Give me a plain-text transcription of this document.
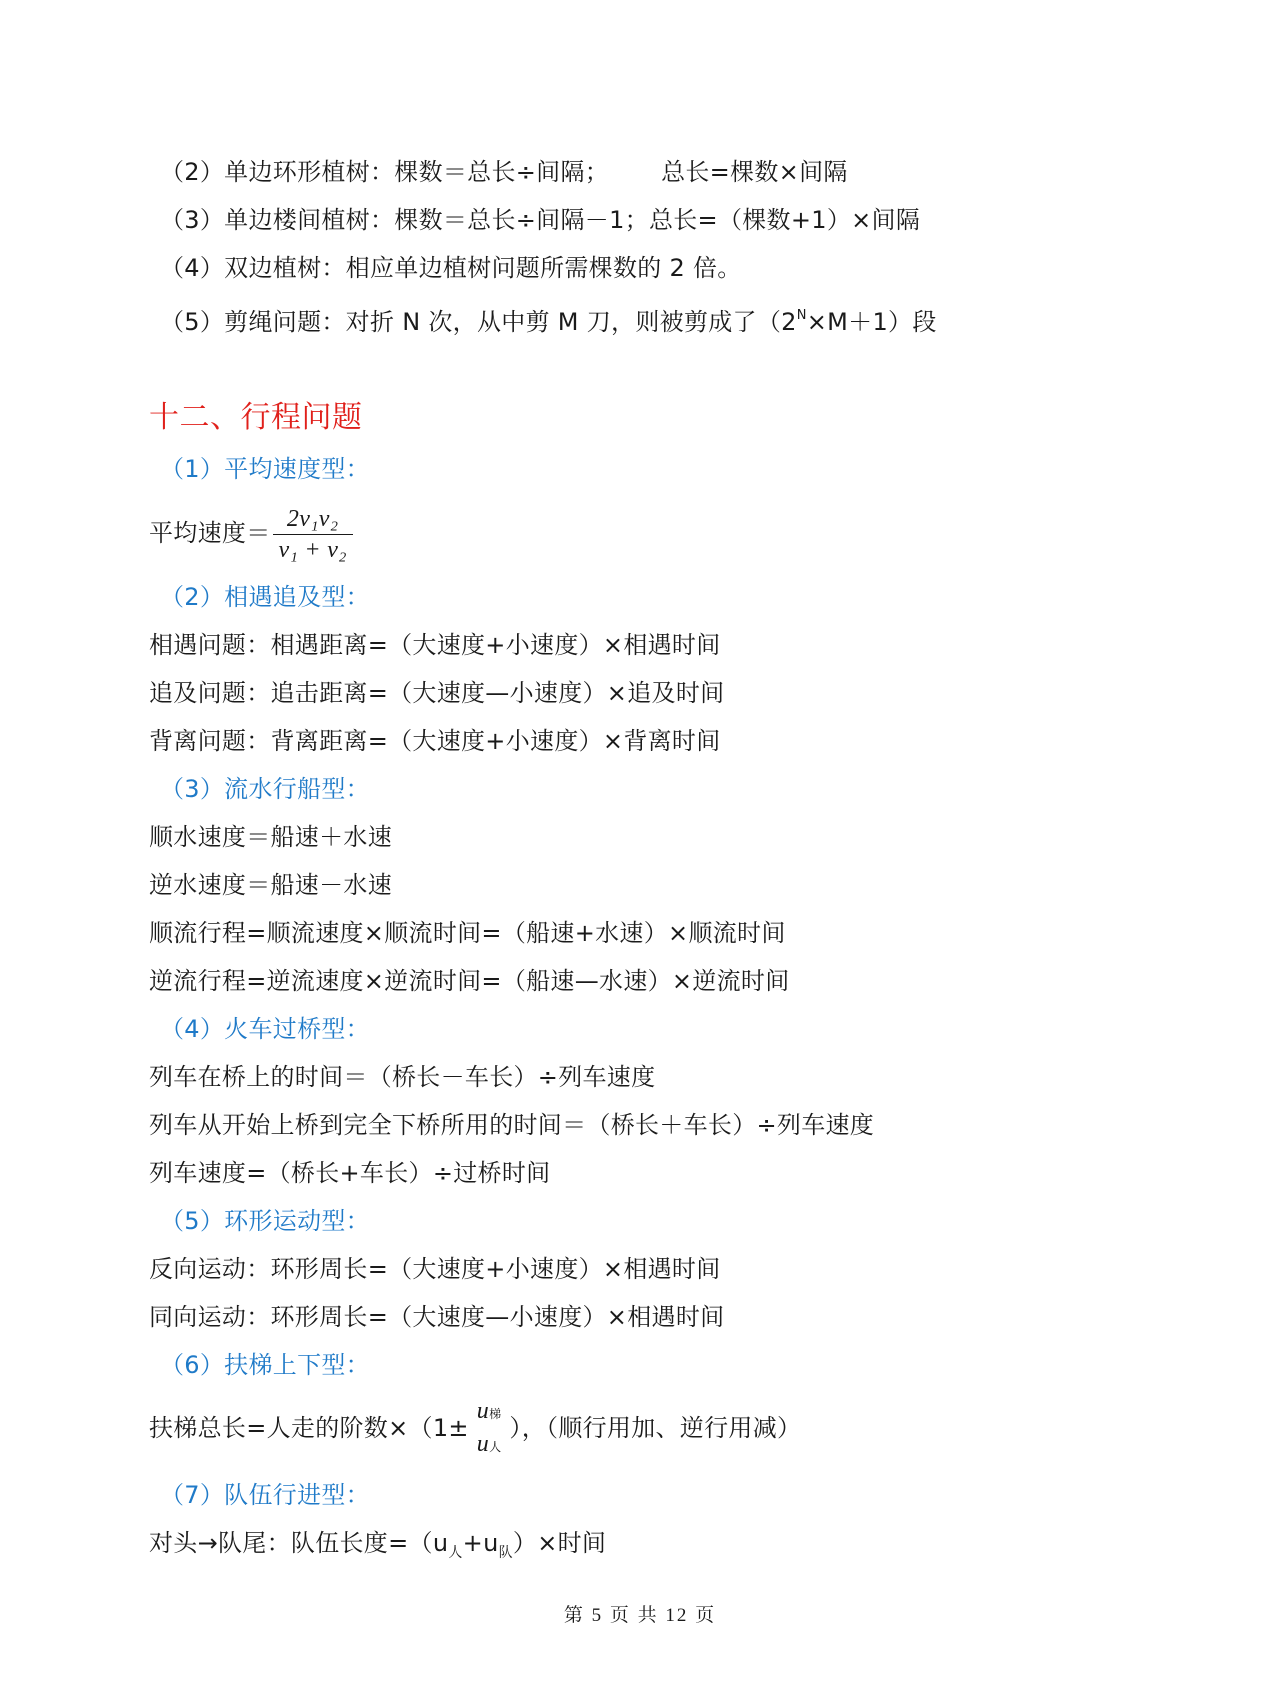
（2）单边环形植树：棵数＝总长÷间隔； 总长=棵数×间隔
（3）单边楼间植树：棵数＝总长÷间隔－1；总长=（棵数+1）×间隔
（4）双边植树：相应单边植树问题所需棵数的 2 倍。
（5）剪绳问题：对折 N 次，从中剪 M 刀，则被剪成了$(2^N\times M+1)$段
十二、行程问题
（1）平均速度型：
平均速度＝ $\frac{\text{2v₁v₂}}{\text{v₁ + v₂}}$
（2）相遇追及型：
相遇问题：相遇距离=（大速度+小速度）×相遇时间
追及问题：追击距离=（大速度—小速度）×追及时间
背离问题：背离距离=（大速度+小速度）×背离时间
（3）流水行船型：
顺水速度＝船速＋水速
逆水速度＝船速－水速
顺流行程=顺流速度×顺流时间=（船速+水速）×顺流时间
逆流行程=逆流速度×逆流时间=（船速—水速）×逆流时间
（4）火车过桥型：
列车在桥上的时间＝（桥长－车长）÷列车速度
列车从开始上桥到完全下桥所用的时间＝（桥长＋车长）÷列车速度
列车速度=（桥长+车长）÷过桥时间
（5）环形运动型：
反向运动：环形周长=（大速度+小速度）×相遇时间
同向运动：环形周长=（大速度—小速度）×相遇时间
（6）扶梯上下型：
扶梯总长=人走的阶数×（1±
u梯
u人
），（顺行用加、逆行用减）
（7）队伍行进型：
对头→队尾：队伍长度$=(u_人+u_队)\times$时间
第 5 页 共 12 页
